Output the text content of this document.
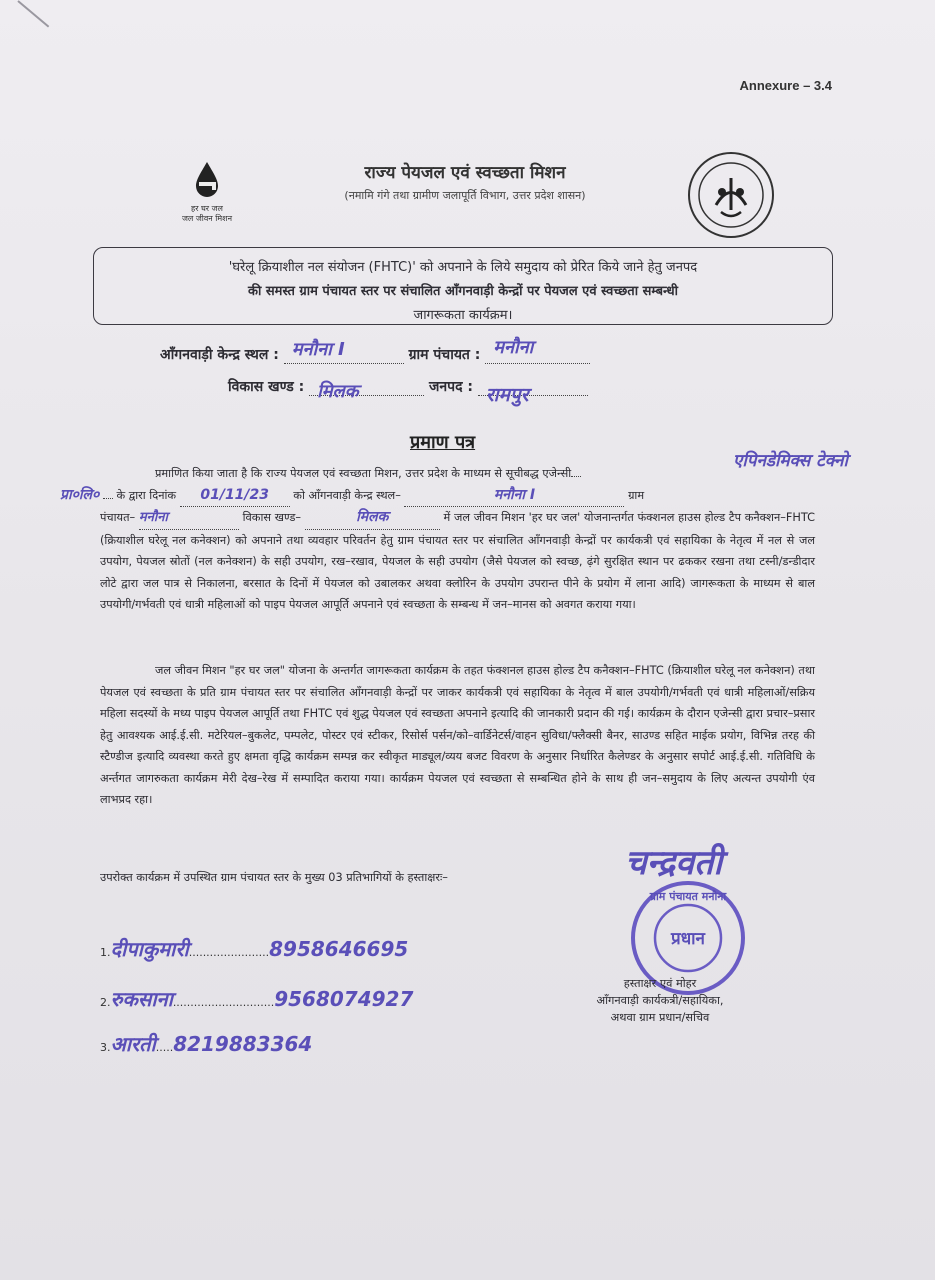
Annexure – 3.4
हर घर जल
जल जीवन मिशन
राज्य पेयजल एवं स्वच्छता मिशन
(नमामि गंगे तथा ग्रामीण जलापूर्ति विभाग, उत्तर प्रदेश शासन)
'घरेलू क्रियाशील नल संयोजन (FHTC)' को अपनाने के लिये समुदाय को प्रेरित किये जाने हेतु जनपद
की समस्त ग्राम पंचायत स्तर पर संचालित आँगनवाड़ी केन्द्रों पर पेयजल एवं स्वच्छता सम्बन्धी
जागरूकता कार्यक्रम।
आँगनवाड़ी केन्द्र स्थल : मनौना I	ग्राम पंचायत : मनौना
विकास खण्ड : मिलक	जनपद : रामपुर
प्रमाण पत्र
एपिनडेमिक्स टेक्नो
प्रमाणित किया जाता है कि राज्य पेयजल एवं स्वच्छता मिशन, उत्तर प्रदेश के माध्यम से सूचीबद्ध एजेन्सी
प्रा०लि० के द्वारा दिनांक 01/11/23 को आँगनवाड़ी केन्द्र स्थल–	मनौना I	ग्राम
पंचायत– मनौना	विकास खण्ड–	मिलक	में जल जीवन मिशन 'हर घर जल' योजनान्तर्गत फंक्शनल हाउस होल्ड टैप कनैक्शन–FHTC (क्रियाशील घरेलू नल कनेक्शन) को अपनाने तथा व्यवहार परिवर्तन हेतु ग्राम पंचायत स्तर पर संचालित आँगनवाड़ी केन्द्रों पर कार्यकत्री एवं सहायिका के नेतृत्व में नल से जल उपयोग, पेयजल स्रोतों (नल कनेक्शन) के सही उपयोग, रख–रखाव, पेयजल के सही उपयोग (जैसे पेयजल को स्वच्छ, ढ़ंगे सुरक्षित स्थान पर ढककर रखना तथा टस्नी/डन्डीदार लोटे द्वारा जल पात्र से निकालना, बरसात के दिनों में पेयजल को उबालकर अथवा क्लोरिन के उपयोग उपरान्त पीने के प्रयोग में लाना आदि) जागरूकता के माध्यम से बाल उपयोगी/गर्भवती एवं धात्री महिलाओं को पाइप पेयजल आपूर्ति अपनाने एवं स्वच्छता के सम्बन्ध में जन–मानस को अवगत कराया गया।
जल जीवन मिशन "हर घर जल" योजना के अन्तर्गत जागरूकता कार्यक्रम के तहत फंक्शनल हाउस होल्ड टैप कनैक्शन–FHTC (क्रियाशील घरेलू नल कनेक्शन) तथा पेयजल एवं स्वच्छता के प्रति ग्राम पंचायत स्तर पर संचालित आँगनवाड़ी केन्द्रों पर जाकर कार्यकत्री एवं सहायिका के नेतृत्व में बाल उपयोगी/गर्भवती एवं धात्री महिलाओं/सक्रिय महिला सदस्यों के मध्य पाइप पेयजल आपूर्ति तथा FHTC एवं शुद्ध पेयजल एवं स्वच्छता अपनाने इत्यादि की जानकारी प्रदान की गई। कार्यक्रम के दौरान एजेन्सी द्वारा प्रचार–प्रसार हेतु आवश्यक आई.ई.सी. मटेरियल–बुकलेट, पम्पलेट, पोस्टर एवं स्टीकर, रिसोर्स पर्सन/को–वार्डिनेटर्स/वाहन सुविधा/फ्लैक्सी बैनर, साउण्ड सहित माईक प्रयोग, विभिन्न तरह की स्टैण्डीज इत्यादि व्यवस्था करते हुए क्षमता वृद्धि कार्यक्रम सम्पन्न कर स्वीकृत माड्यूल/व्यय बजट विवरण के अनुसार निर्धारित कैलेण्डर के अनुसार सपोर्ट आई.ई.सी. गतिविधि के अर्न्तगत जागरुकता कार्यक्रम मेरी देख–रेख में सम्पादित कराया गया। कार्यक्रम पेयजल एवं स्वच्छता से सम्बन्धित होने के साथ ही जन–समुदाय के लिए अत्यन्त उपयोगी एंव लाभप्रद रहा।
उपरोक्त कार्यक्रम में उपस्थित ग्राम पंचायत स्तर के मुख्य 03 प्रतिभागियों के हस्ताक्षरः–
1.दीपाकुमारी.......................8958646695
2.रुकसाना.............................9568074927
3.आरती.....8219883364
चन्द्रवती
प्रधान
ग्राम पंचायत मनौना
हस्ताक्षर एवं मोहर
आँगनवाड़ी कार्यकत्री/सहायिका,
अथवा ग्राम प्रधान/सचिव
